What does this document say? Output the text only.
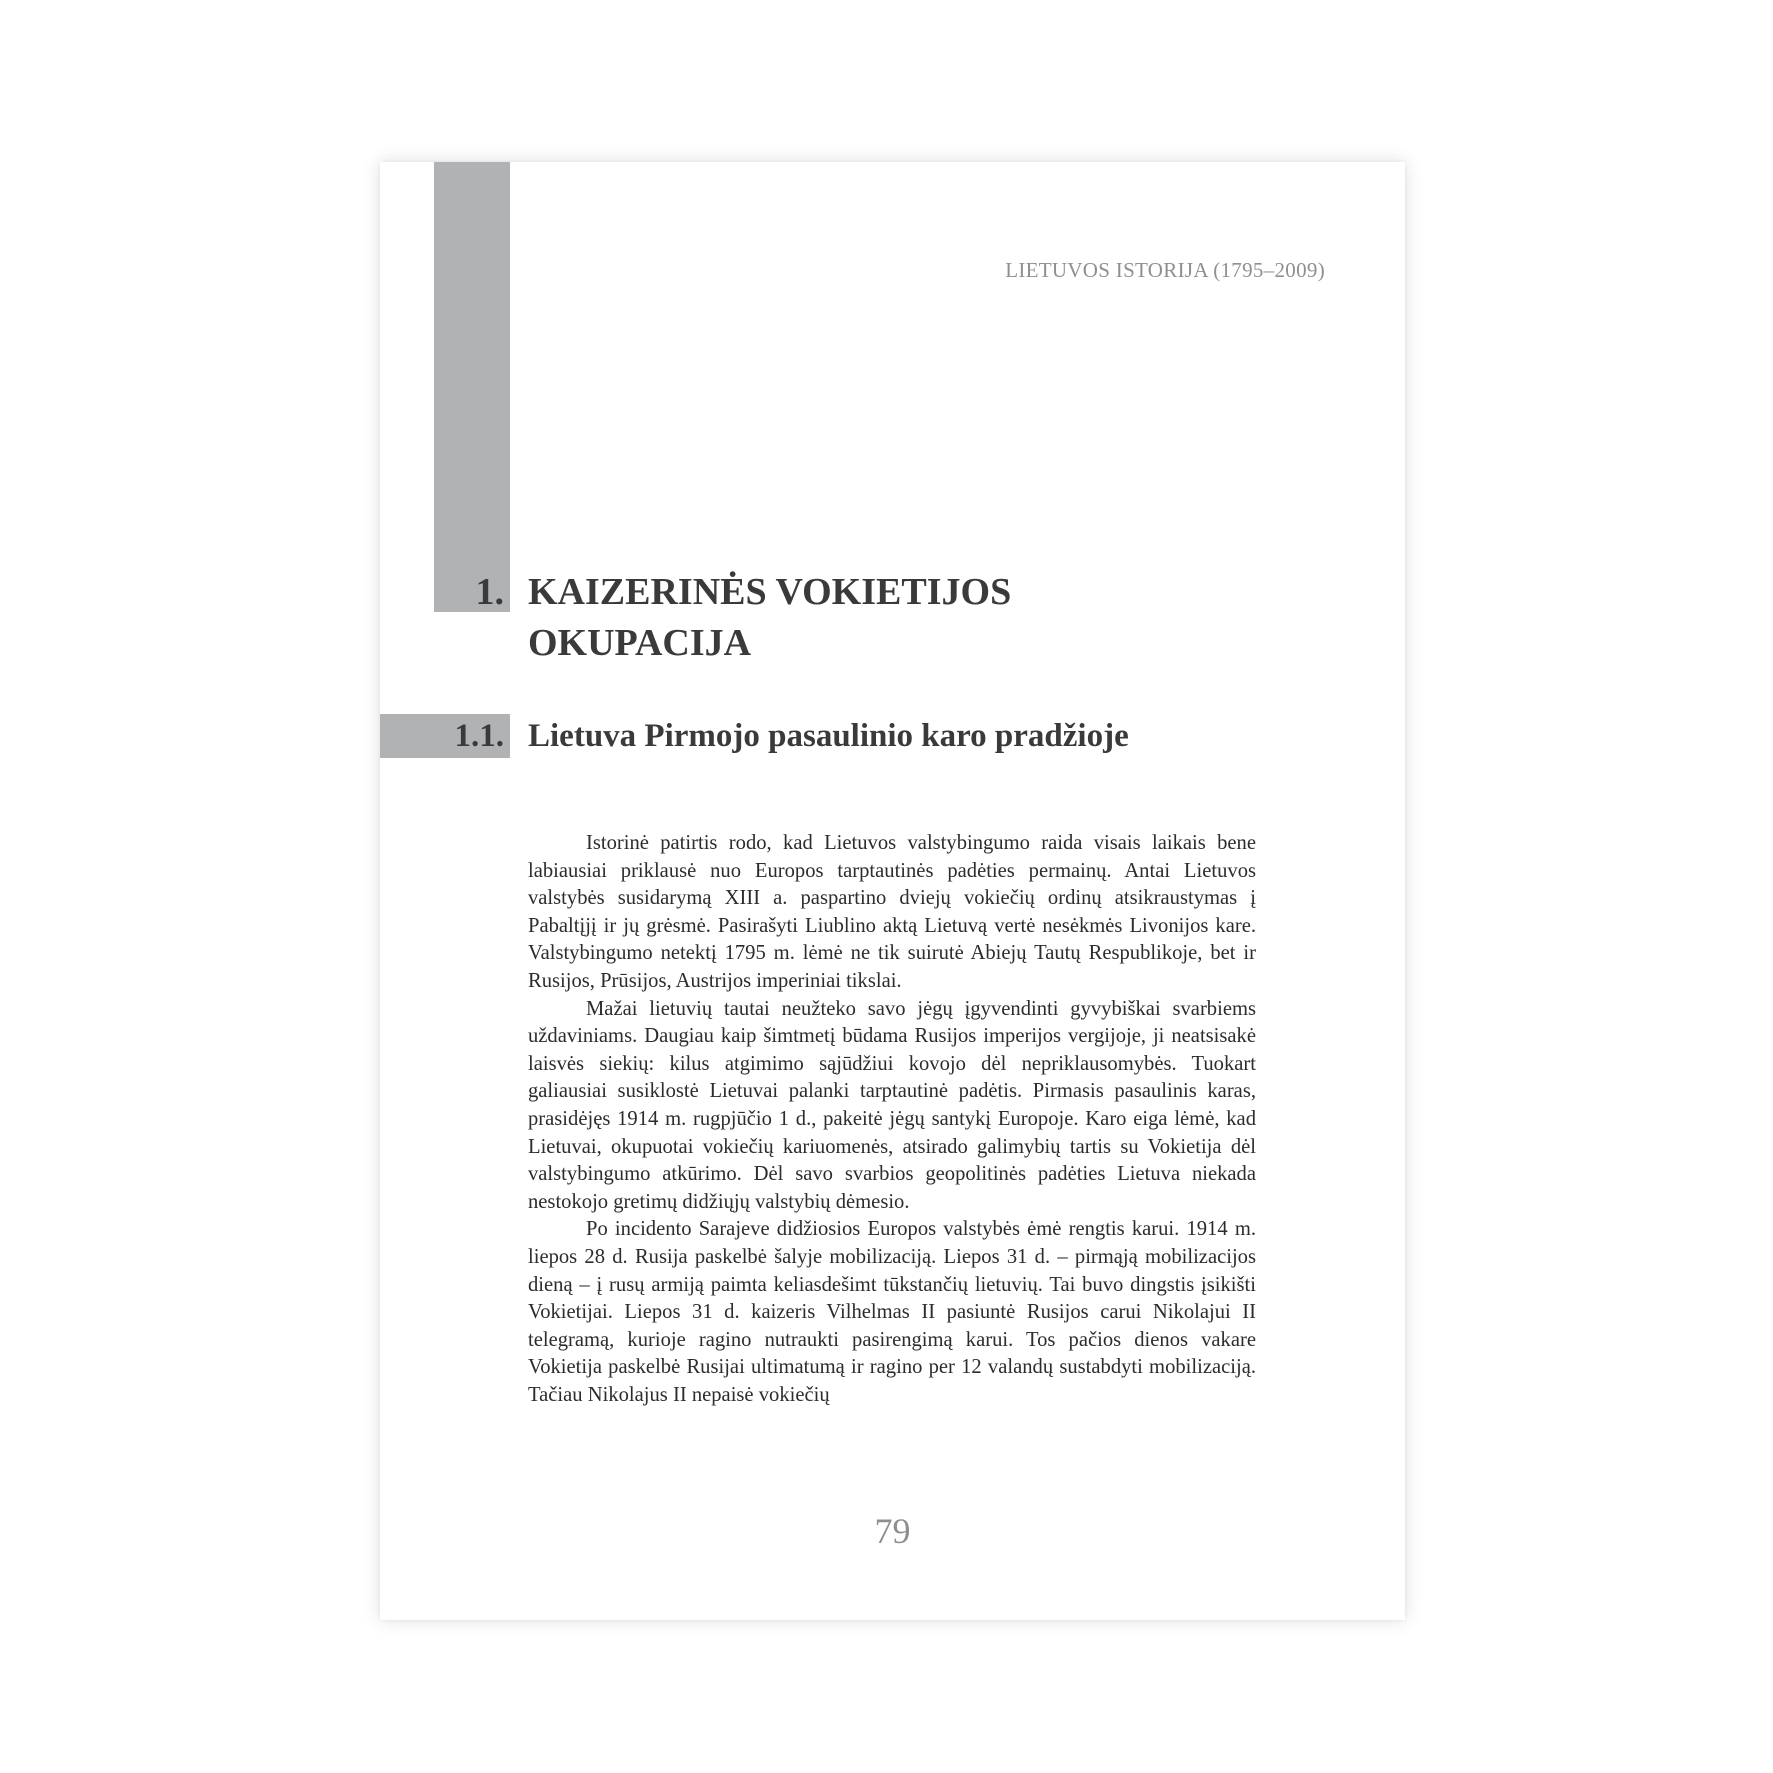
LIETUVOS ISTORIJA (1795–2009)
1. KAIZERINĖS VOKIETIJOS OKUPACIJA
1.1. Lietuva Pirmojo pasaulinio karo pradžioje

Istorinė patirtis rodo, kad Lietuvos valstybingumo raida visais laikais bene labiausiai priklausė nuo Europos tarptautinės padėties permainų. Antai Lietuvos valstybės susidarymą XIII a. paspartino dviejų vokiečių ordinų atsikraustymas į Pabaltįjį ir jų grėsmė. Pasirašyti Liublino aktą Lietuvą vertė nesėkmės Livonijos kare. Valstybingumo netektį 1795 m. lėmė ne tik suirutė Abiejų Tautų Respublikoje, bet ir Rusijos, Prūsijos, Austrijos imperiniai tikslai.

Mažai lietuvių tautai neužteko savo jėgų įgyvendinti gyvybiškai svarbiems uždaviniams. Daugiau kaip šimtmetį būdama Rusijos imperijos vergijoje, ji neatsisakė laisvės siekių: kilus atgimimo sąjūdžiui kovojo dėl nepriklausomybės. Tuokart galiausiai susiklostė Lietuvai palanki tarptautinė padėtis. Pirmasis pasaulinis karas, prasidėjęs 1914 m. rugpjūčio 1 d., pakeitė jėgų santykį Europoje. Karo eiga lėmė, kad Lietuvai, okupuotai vokiečių kariuomenės, atsirado galimybių tartis su Vokietija dėl valstybingumo atkūrimo. Dėl savo svarbios geopolitinės padėties Lietuva niekada nestokojo gretimų didžiųjų valstybių dėmesio.

Po incidento Sarajeve didžiosios Europos valstybės ėmė rengtis karui. 1914 m. liepos 28 d. Rusija paskelbė šalyje mobilizaciją. Liepos 31 d. – pirmąją mobilizacijos dieną – į rusų armiją paimta keliasdešimt tūkstančių lietuvių. Tai buvo dingstis įsikišti Vokietijai. Liepos 31 d. kaizeris Vilhelmas II pasiuntė Rusijos carui Nikolajui II telegramą, kurioje ragino nutraukti pasirengimą karui. Tos pačios dienos vakare Vokietija paskelbė Rusijai ultimatumą ir ragino per 12 valandų sustabdyti mobilizaciją. Tačiau Nikolajus II nepaisė vokiečių

79
